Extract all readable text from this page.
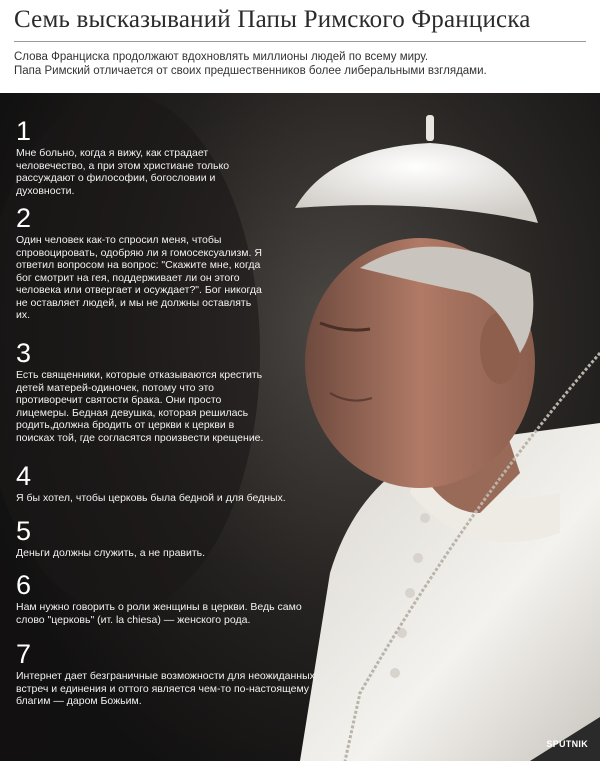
Семь высказываний Папы Римского Франциска
Слова Франциска продолжают вдохновлять миллионы людей по всему миру.
Папа Римский отличается от своих предшественников более либеральными взглядами.
SPUTNIK
1
Мне больно, когда я вижу, как страдает человечество, а при этом христиане только рассуждают о философии, богословии и духовности.
2
Один человек как-то спросил меня, чтобы спровоцировать, одобряю ли я гомосексуализм. Я ответил вопросом на вопрос: "Скажите мне, когда бог смотрит на гея, поддерживает ли он этого человека или отвергает и осуждает?". Бог никогда не оставляет людей, и мы не должны оставлять их.
3
Есть священники, которые отказываются крестить детей матерей-одиночек, потому что это противоречит святости брака. Они просто лицемеры. Бедная девушка, которая решилась родить,должна бродить от церкви к церкви в поисках той, где согласятся произвести крещение.
4
Я бы хотел, чтобы церковь была бедной и для бедных.
5
Деньги должны служить, а не править.
6
Нам нужно говорить о роли женщины в церкви. Ведь само слово "церковь" (ит. la chiesa) — женского рода.
7
Интернет дает безграничные возможности для неожиданных встреч и единения и оттого является чем-то по-настоящему благим — даром Божьим.
